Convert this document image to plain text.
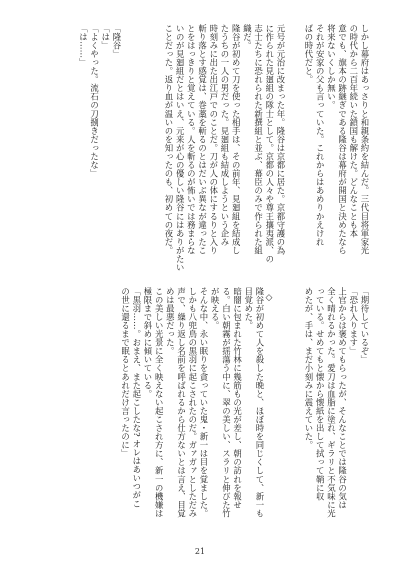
しかし幕府はあっさりと和親条約を結んだ。三代目将軍家光
の時代から二百年続いた鎖国も解けた。どんなことも本
意でも、旗本の跡継ぎである隆谷は幕府が開国と決めたなら
将来ないくしか無い。
それが安家の父も言っていた。これからはあめりかえけれ
ばの時代だと。
元号が元治に改まった年。隆谷は京都に居た。京都守護の為
に作られた見廻組の隊士として。京都の人々や尊王攘夷派、の
志士たちに恐れられた新撰組と並ぶ、幕臣のみで作られた組
織だ。
隆谷が初めて刀を使った相手は、その前年、見廻組を結成し
たうちの一人の男だった。見廻組も結成しようという企み
時刻みに出た出江戸でのことだ。刀が人の体にするりと入り
斬り落とす感覚は、巻藁を斬るのとはだいぶ異なが違ったこ
とをはっきりと覚えている。人を斬るのが怖いでは務まらな
いのが見廻組だとはいえ、元来が心の優しい隆谷にはありがたい
ことだった。返り血が温いのを知ったのも、初めての夜だ。
「隆谷」
「は」
「よくやった。流石の刀捌きだったな」
「は……」
◇	「期待しているぞ」
「恐れ入ります」
上官からは褒めてもらったが、そんなことでは隆谷の気は
全く晴れるかった。愛刀は血脂に塗れ、ギラリと不気味に光
っている。せめてもと懐から懐紙を出して拭って鞘に収
めたが、手は、まだ小刻みに震えていた。
隆谷が初めて人を殺した晩と、ほぼ時を同じくして、新一も
目覚めた。
暗闇に包まれた竹林に幾筋もの光が差し、朝の訪れを報せ
る。白い朝霧が揺蕩う中に、翠の美しい、スラリと伸びた竹
が映える。
そんな中、永い眠りを貪っていた鬼・新一は目を覚ました。
しかも八兜鳥の黒羽に起こされたのだ。ガァガァとしただみ
声で、繰り返し名前を呼ばれるから仕方ないとは言え、目覚
めは最悪だった。
この美しい光景に全く映えない起こされ方に、新一の機嫌は
極限まで斜めに傾いている。
「黒羽……。おまえ、また起こしたな? オレはあいつがこ
の世に還るまで眠るとあれだけ言ったのに」
21
